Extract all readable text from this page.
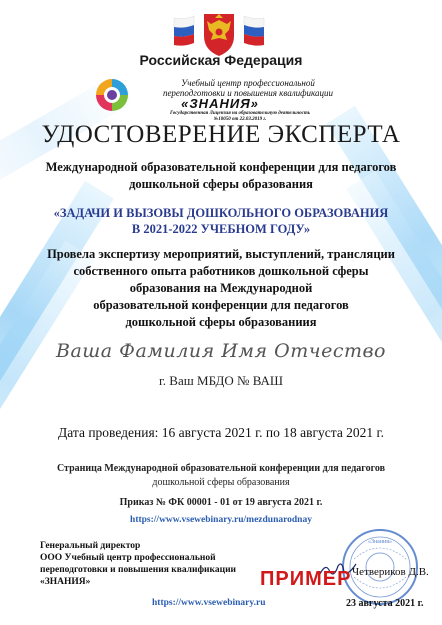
Российская Федерация
Учебный центр профессиональной
переподготовки и повышения квалификации
«ЗНАНИЯ»
Государственная Лицензия на образовательную деятельность
№10050 от 22.03.2019 г.
УДОСТОВЕРЕНИЕ ЭКСПЕРТА
Международной образовательной конференции для педагогов
дошкольной сферы образования
«ЗАДАЧИ И ВЫЗОВЫ ДОШКОЛЬНОГО ОБРАЗОВАНИЯ
В 2021-2022 УЧЕБНОМ ГОДУ»
Провела экспертизу мероприятий, выступлений, трансляции
собственного опыта работников дошкольной сферы
образования на Международной
образовательной конференции для педагогов
дошкольной сферы образованиия
Ваша Фамилия Имя Отчество
г. Ваш МБДО № ВАШ
Дата проведения: 16 августа 2021 г. по 18 августа 2021 г.
Страница Международной образовательной конференции для педагогов
дошкольной сферы образования
Приказ № ФК 00001 - 01 от 19 августа 2021 г.
https://www.vsewebinary.ru/mezdunarodnay
Генеральный директор
ООО Учебный центр профессиональной
переподготовки и повышения квалификации
«ЗНАНИЯ»
«Знания»
ПРИМЕР Четвериков Д.В.
https://www.vsewebinary.ru	23 августа 2021 г.
